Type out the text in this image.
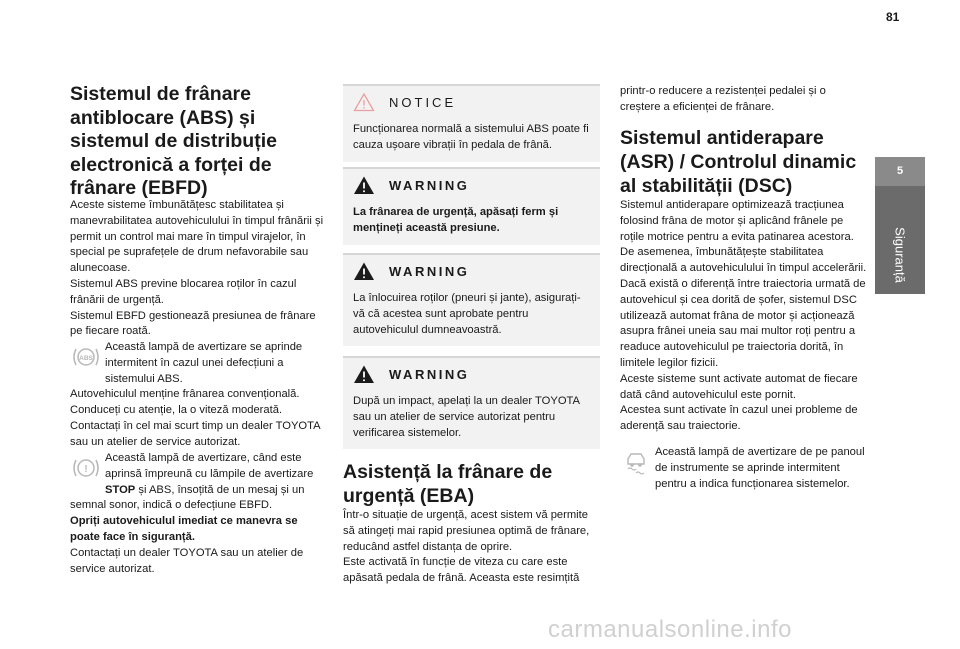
81
5
Siguranță
Sistemul de frânare antiblocare (ABS) și sistemul de distribuție electronică a forței de frânare (EBFD)

Aceste sisteme îmbunătățesc stabilitatea și manevrabilitatea autovehiculului în timpul frânării și permit un control mai mare în timpul virajelor, în special pe suprafețele de drum nefavorabile sau alunecoase.
Sistemul ABS previne blocarea roților în cazul frânării de urgență.
Sistemul EBFD gestionează presiunea de frânare pe fiecare roată.

ABS

Această lampă de avertizare se aprinde intermitent în cazul unei defecțiuni a sistemului ABS.
Autovehiculul menține frânarea convențională. Conduceți cu atenție, la o viteză moderată.
Contactați în cel mai scurt timp un dealer TOYOTA sau un atelier de service autorizat.

!

Această lampă de avertizare, când este aprinsă împreună cu lămpile de avertizare STOP și ABS, însoțită de un mesaj și un semnal sonor, indică o defecțiune EBFD.

Opriți autovehiculul imediat ce manevra se poate face în siguranță.

Contactați un dealer TOYOTA sau un atelier de service autorizat.

NOTICE
Funcționarea normală a sistemului ABS poate fi cauza ușoare vibrații în pedala de frână.
WARNING
La frânarea de urgență, apăsați ferm și mențineți această presiune.
WARNING
La înlocuirea roților (pneuri și jante), asigurați-vă că acestea sunt aprobate pentru autovehiculul dumneavoastră.
WARNING
După un impact, apelați la un dealer TOYOTA sau un atelier de service autorizat pentru verificarea sistemelor.
Asistență la frânare de urgență (EBA)

Într-o situație de urgență, acest sistem vă permite să atingeți mai rapid presiunea optimă de frânare, reducând astfel distanța de oprire.
Este activată în funcție de viteza cu care este apăsată pedala de frână. Aceasta este resimțită

printr-o reducere a rezistenței pedalei și o creștere a eficienței de frânare.

Sistemul antiderapare (ASR) / Controlul dinamic al stabilității (DSC)

Sistemul antiderapare optimizează tracțiunea folosind frâna de motor și aplicând frânele pe roțile motrice pentru a evita patinarea acestora. De asemenea, îmbunătățește stabilitatea direcțională a autovehiculului în timpul accelerării.
Dacă există o diferență între traiectoria urmată de autovehicul și cea dorită de șofer, sistemul DSC utilizează automat frâna de motor și acționează asupra frânei uneia sau mai multor roți pentru a readuce autovehiculul pe traiectoria dorită, în limitele legilor fizicii.
Aceste sisteme sunt activate automat de fiecare dată când autovehiculul este pornit.
Acestea sunt activate în cazul unei probleme de aderență sau traiectorie.

Această lampă de avertizare de pe panoul de instrumente se aprinde intermitent pentru a indica funcționarea sistemelor.

carmanualsonline.info
